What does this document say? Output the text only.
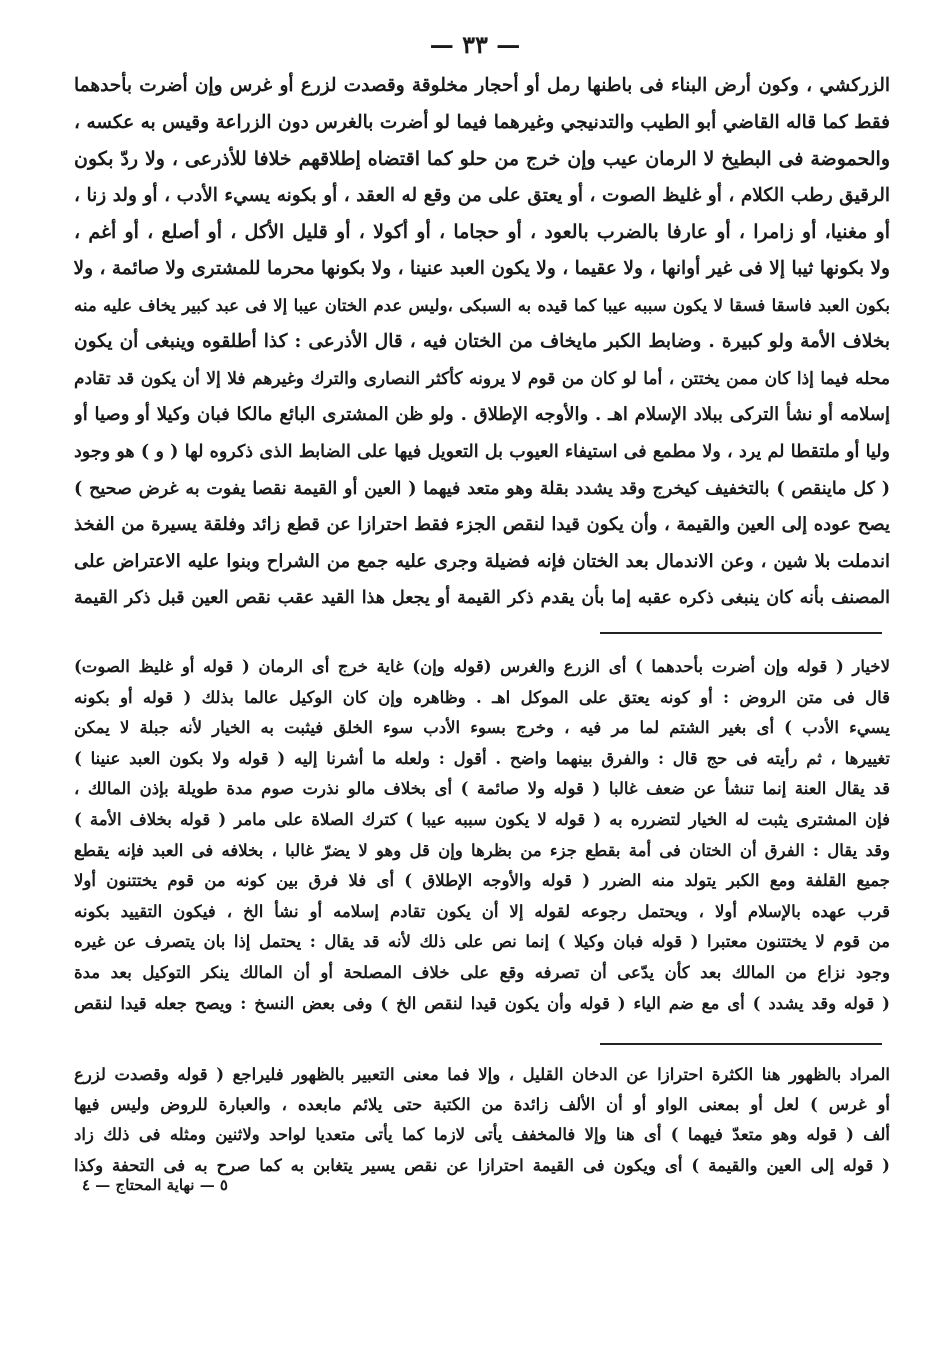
— ٣٣ —
الزركشي ، وكون أرض البناء فى باطنها رمل أو أحجار مخلوقة وقصدت لزرع أو غرس وإن أضرت بأحدهما
فقط كما قاله القاضي أبو الطيب والتدنيجي وغيرهما فيما لو أضرت بالغرس دون الزراعة وقيس به عكسه ،
والحموضة فى البطيخ لا الرمان عيب وإن خرج من حلو كما اقتضاه إطلاقهم خلافا للأذرعى ، ولا ردّ بكون
الرقيق رطب الكلام ، أو غليظ الصوت ، أو يعتق على من وقع له العقد ، أو بكونه يسيء الأدب ، أو ولد زنا ،
أو مغنيا، أو زامرا ، أو عارفا بالضرب بالعود ، أو حجاما ، أو أكولا ، أو قليل الأكل ، أو أصلع ، أو أغم ،
ولا بكونها ثيبا إلا فى غير أوانها ، ولا عقيما ، ولا يكون العبد عنينا ، ولا بكونها محرما للمشترى ولا صائمة ، ولا
بكون العبد فاسقا فسقا لا يكون سببه عيبا كما قيده به السبكى ،وليس عدم الختان عيبا إلا فى عبد كبير يخاف عليه منه
بخلاف الأمة ولو كبيرة . وضابط الكبر مايخاف من الختان فيه ، قال الأذرعى : كذا أطلقوه وينبغى أن يكون
محله فيما إذا كان ممن يختتن ، أما لو كان من قوم لا يرونه كأكثر النصارى والترك وغيرهم فلا إلا أن يكون قد تقادم
إسلامه أو نشأ التركى ببلاد الإسلام اهـ . والأوجه الإطلاق . ولو ظن المشترى البائع مالكا فبان وكيلا أو وصيا أو
وليا أو ملتقطا لم يرد ، ولا مطمع فى استيفاء العيوب بل التعويل فيها على الضابط الذى ذكروه لها ( و ) هو وجود
( كل ماينقص ) بالتخفيف كيخرج وقد يشدد بقلة وهو متعد فيهما ( العين أو القيمة نقصا يفوت به غرض صحيح )
يصح عوده إلى العين والقيمة ، وأن يكون قيدا لنقص الجزء فقط احترازا عن قطع زائد وفلقة يسيرة من الفخذ
اندملت بلا شين ، وعن الاندمال بعد الختان فإنه فضيلة وجرى عليه جمع من الشراح وبنوا عليه الاعتراض على
المصنف بأنه كان ينبغى ذكره عقبه إما بأن يقدم ذكر القيمة أو يجعل هذا القيد عقب نقص العين قبل ذكر القيمة
لاخيار ( قوله وإن أضرت بأحدهما ) أى الزرع والغرس (قوله وإن) غاية خرج أى الرمان ( قوله أو غليظ الصوت)
قال فى متن الروض : أو كونه يعتق على الموكل اهـ . وظاهره وإن كان الوكيل عالما بذلك ( قوله أو بكونه
يسيء الأدب ) أى بغير الشتم لما مر فيه ، وخرج بسوء الأدب سوء الخلق فيثبت به الخيار لأنه جبلة لا يمكن
تغييرها ، ثم رأيته فى حج قال : والفرق بينهما واضح . أقول : ولعله ما أشرنا إليه ( قوله ولا بكون العبد عنينا )
قد يقال العنة إنما تنشأ عن ضعف غالبا ( قوله ولا صائمة ) أى بخلاف مالو نذرت صوم مدة طويلة بإذن المالك ،
فإن المشترى يثبت له الخيار لتضرره به ( قوله لا يكون سببه عيبا ) كترك الصلاة على مامر ( قوله بخلاف الأمة )
وقد يقال : الفرق أن الختان فى أمة بقطع جزء من بظرها وإن قل وهو لا يضرّ غالبا ، بخلافه فى العبد فإنه يقطع
جميع القلفة ومع الكبر يتولد منه الضرر ( قوله والأوجه الإطلاق ) أى فلا فرق بين كونه من قوم يختتنون أولا
قرب عهده بالإسلام أولا ، ويحتمل رجوعه لقوله إلا أن يكون تقادم إسلامه أو نشأ الخ ، فيكون التقييد بكونه
من قوم لا يختتنون معتبرا ( قوله فبان وكيلا ) إنما نص على ذلك لأنه قد يقال : يحتمل إذا بان يتصرف عن غيره
وجود نزاع من المالك بعد كأن يدّعى أن تصرفه وقع على خلاف المصلحة أو أن المالك ينكر التوكيل بعد مدة
( قوله وقد يشدد ) أى مع ضم الياء ( قوله وأن يكون قيدا لنقص الخ ) وفى بعض النسخ : ويصح جعله قيدا لنقص
المراد بالظهور هنا الكثرة احترازا عن الدخان القليل ، وإلا فما معنى التعبير بالظهور فليراجع ( قوله وقصدت لزرع
أو غرس ) لعل أو بمعنى الواو أو أن الألف زائدة من الكتبة حتى يلائم مابعده ، والعبارة للروض وليس فيها
ألف ( قوله وهو متعدّ فيهما ) أى هنا وإلا فالمخفف يأتى لازما كما يأتى متعديا لواحد ولاثنين ومثله فى ذلك زاد
( قوله إلى العين والقيمة ) أى ويكون فى القيمة احترازا عن نقص يسير يتغابن به كما صرح به فى التحفة وكذا
٥ — نهاية المحتاج — ٤
